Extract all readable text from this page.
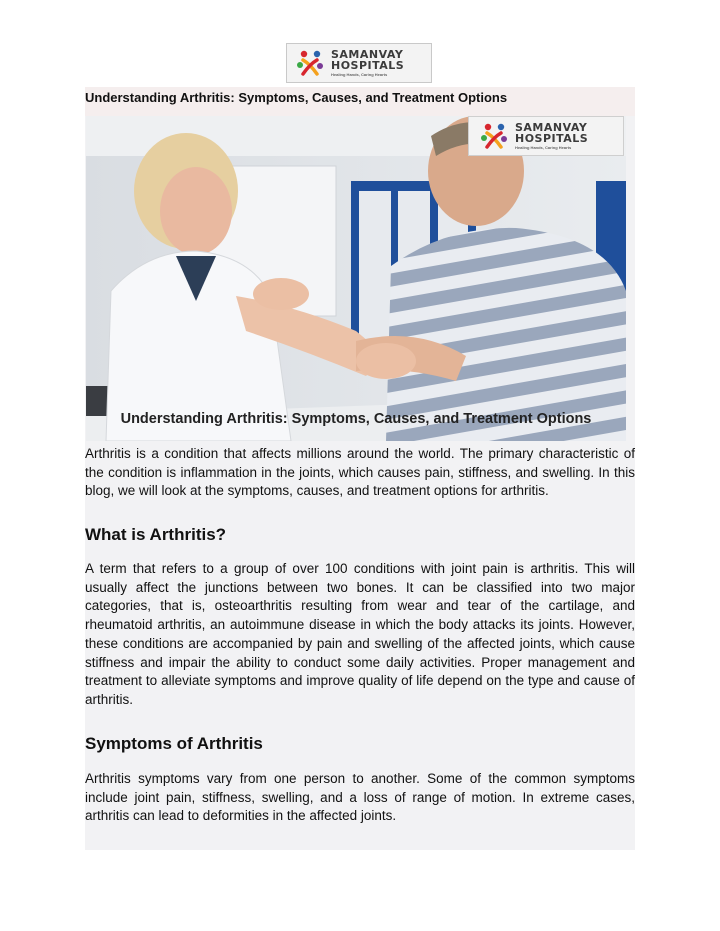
SAMANVAY
HOSPITALS
Healing Hands, Caring Hearts
Understanding Arthritis: Symptoms, Causes, and Treatment Options
SAMANVAY
HOSPITALS
Healing Hands, Caring Hearts
Understanding Arthritis: Symptoms, Causes, and Treatment Options

Arthritis is a condition that affects millions around the world. The primary characteristic of the condition is inflammation in the joints, which causes pain, stiffness, and swelling. In this blog, we will look at the symptoms, causes, and treatment options for arthritis.

What is Arthritis?

A term that refers to a group of over 100 conditions with joint pain is arthritis. This will usually affect the junctions between two bones. It can be classified into two major categories, that is, osteoarthritis resulting from wear and tear of the cartilage, and rheumatoid arthritis, an autoimmune disease in which the body attacks its joints. However, these conditions are accompanied by pain and swelling of the affected joints, which cause stiffness and impair the ability to conduct some daily activities. Proper management and treatment to alleviate symptoms and improve quality of life depend on the type and cause of arthritis.

Symptoms of Arthritis

Arthritis symptoms vary from one person to another. Some of the common symptoms include joint pain, stiffness, swelling, and a loss of range of motion. In extreme cases, arthritis can lead to deformities in the affected joints.
